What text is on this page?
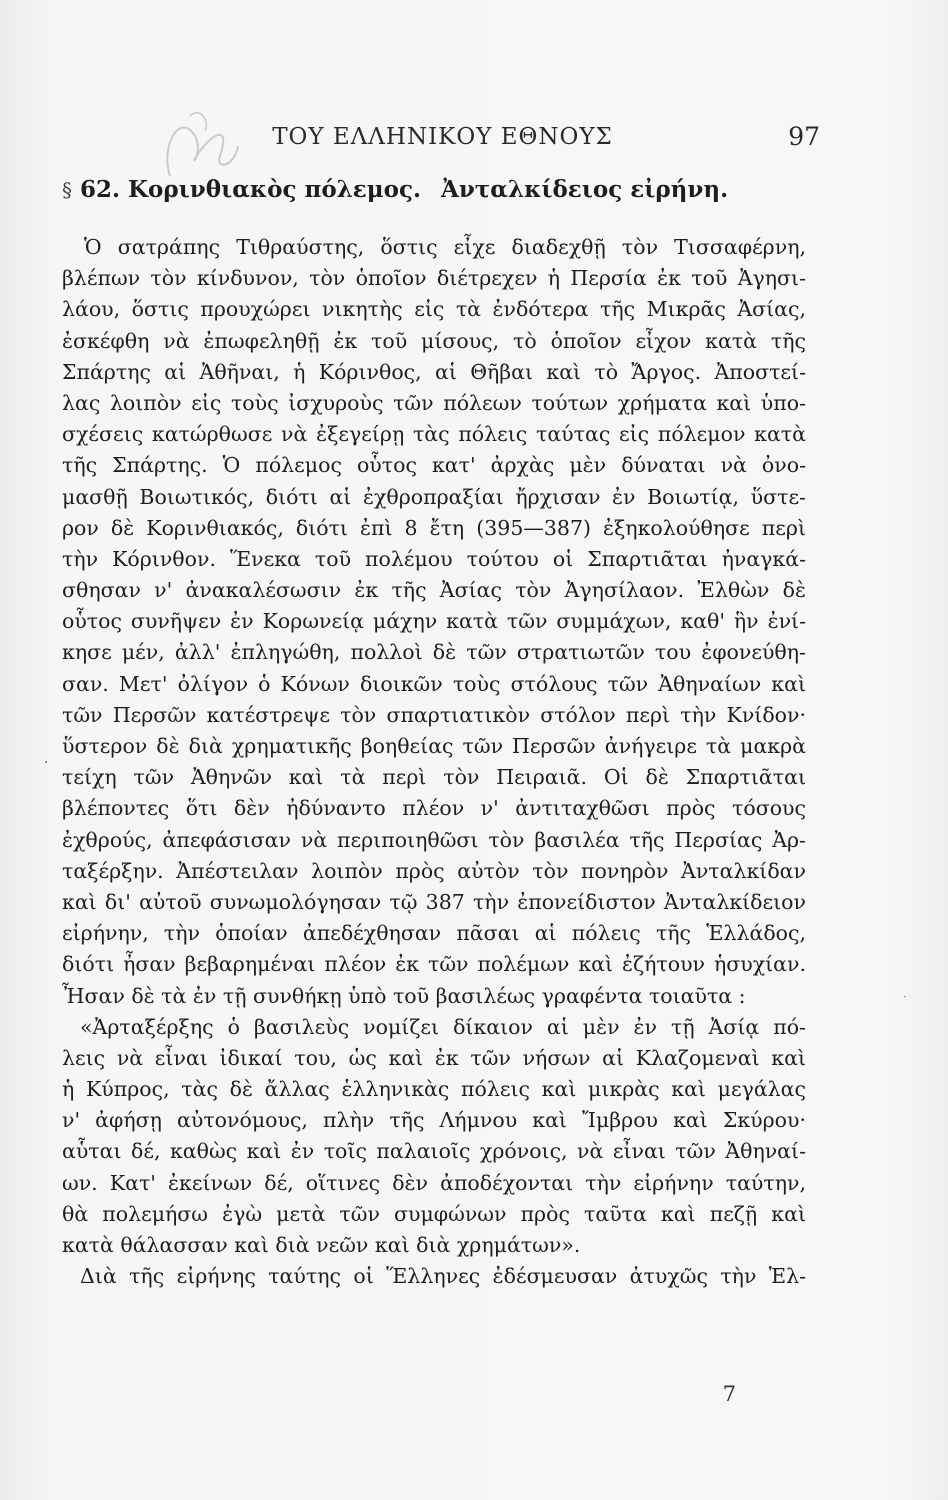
ΤΟΥ ΕΛΛΗΝΙΚΟΥ ΕΘΝΟΥΣ	97
§ 62. Κορινθιακὸς πόλεμος. Ἀνταλκίδειος εἰρήνη.
Ὁ σατράπης Τιθραύστης, ὅστις εἶχε διαδεχθῇ τὸν Τισσαφέρνη,
βλέπων τὸν κίνδυνον, τὸν ὁποῖον διέτρεχεν ἡ Περσία ἐκ τοῦ Ἀγησι-
λάου, ὅστις προυχώρει νικητὴς εἰς τὰ ἐνδότερα τῆς Μικρᾶς Ἀσίας,
ἐσκέφθη νὰ ἐπωφεληθῇ ἐκ τοῦ μίσους, τὸ ὁποῖον εἶχον κατὰ τῆς
Σπάρτης αἱ Ἀθῆναι, ἡ Κόρινθος, αἱ Θῆβαι καὶ τὸ Ἄργος. Ἀποστεί-
λας λοιπὸν εἰς τοὺς ἰσχυροὺς τῶν πόλεων τούτων χρήματα καὶ ὑπο-
σχέσεις κατώρθωσε νὰ ἐξεγείρῃ τὰς πόλεις ταύτας εἰς πόλεμον κατὰ
τῆς Σπάρτης. Ὁ πόλεμος οὗτος κατ' ἀρχὰς μὲν δύναται νὰ ὀνο-
μασθῇ Βοιωτικός, διότι αἱ ἐχθροπραξίαι ἤρχισαν ἐν Βοιωτίᾳ, ὕστε-
ρον δὲ Κορινθιακός, διότι ἐπὶ 8 ἔτη (395—387) ἐξηκολούθησε περὶ
τὴν Κόρινθον. Ἕνεκα τοῦ πολέμου τούτου οἱ Σπαρτιᾶται ἠναγκά-
σθησαν ν' ἀνακαλέσωσιν ἐκ τῆς Ἀσίας τὸν Ἀγησίλαον. Ἐλθὼν δὲ
οὗτος συνῆψεν ἐν Κορωνείᾳ μάχην κατὰ τῶν συμμάχων, καθ' ἣν ἐνί-
κησε μέν, ἀλλ' ἐπληγώθη, πολλοὶ δὲ τῶν στρατιωτῶν του ἐφονεύθη-
σαν. Μετ' ὀλίγον ὁ Κόνων διοικῶν τοὺς στόλους τῶν Ἀθηναίων καὶ
τῶν Περσῶν κατέστρεψε τὸν σπαρτιατικὸν στόλον περὶ τὴν Κνίδον·
ὕστερον δὲ διὰ χρηματικῆς βοηθείας τῶν Περσῶν ἀνήγειρε τὰ μακρὰ
τείχη τῶν Ἀθηνῶν καὶ τὰ περὶ τὸν Πειραιᾶ. Οἱ δὲ Σπαρτιᾶται
βλέποντες ὅτι δὲν ἠδύναντο πλέον ν' ἀντιταχθῶσι πρὸς τόσους
ἐχθρούς, ἀπεφάσισαν νὰ περιποιηθῶσι τὸν βασιλέα τῆς Περσίας Ἀρ-
ταξέρξην. Ἀπέστειλαν λοιπὸν πρὸς αὐτὸν τὸν πονηρὸν Ἀνταλκίδαν
καὶ δι' αὐτοῦ συνωμολόγησαν τῷ 387 τὴν ἐπονείδιστον Ἀνταλκίδειον
εἰρήνην, τὴν ὁποίαν ἀπεδέχθησαν πᾶσαι αἱ πόλεις τῆς Ἑλλάδος,
διότι ἦσαν βεβαρημέναι πλέον ἐκ τῶν πολέμων καὶ ἐζήτουν ἡσυχίαν.
Ἦσαν δὲ τὰ ἐν τῇ συνθήκῃ ὑπὸ τοῦ βασιλέως γραφέντα τοιαῦτα :
«Ἀρταξέρξης ὁ βασιλεὺς νομίζει δίκαιον αἱ μὲν ἐν τῇ Ἀσίᾳ πό-
λεις νὰ εἶναι ἰδικαί του, ὡς καὶ ἐκ τῶν νήσων αἱ Κλαζομεναὶ καὶ
ἡ Κύπρος, τὰς δὲ ἄλλας ἑλληνικὰς πόλεις καὶ μικρὰς καὶ μεγάλας
ν' ἀφήσῃ αὐτονόμους, πλὴν τῆς Λήμνου καὶ Ἴμβρου καὶ Σκύρου·
αὗται δέ, καθὼς καὶ ἐν τοῖς παλαιοῖς χρόνοις, νὰ εἶναι τῶν Ἀθηναί-
ων. Κατ' ἐκείνων δέ, οἵτινες δὲν ἀποδέχονται τὴν εἰρήνην ταύτην,
θὰ πολεμήσω ἐγὼ μετὰ τῶν συμφώνων πρὸς ταῦτα καὶ πεζῇ καὶ
κατὰ θάλασσαν καὶ διὰ νεῶν καὶ διὰ χρημάτων».
Διὰ τῆς εἰρήνης ταύτης οἱ Ἕλληνες ἐδέσμευσαν ἀτυχῶς τὴν Ἑλ-
7
.
·
